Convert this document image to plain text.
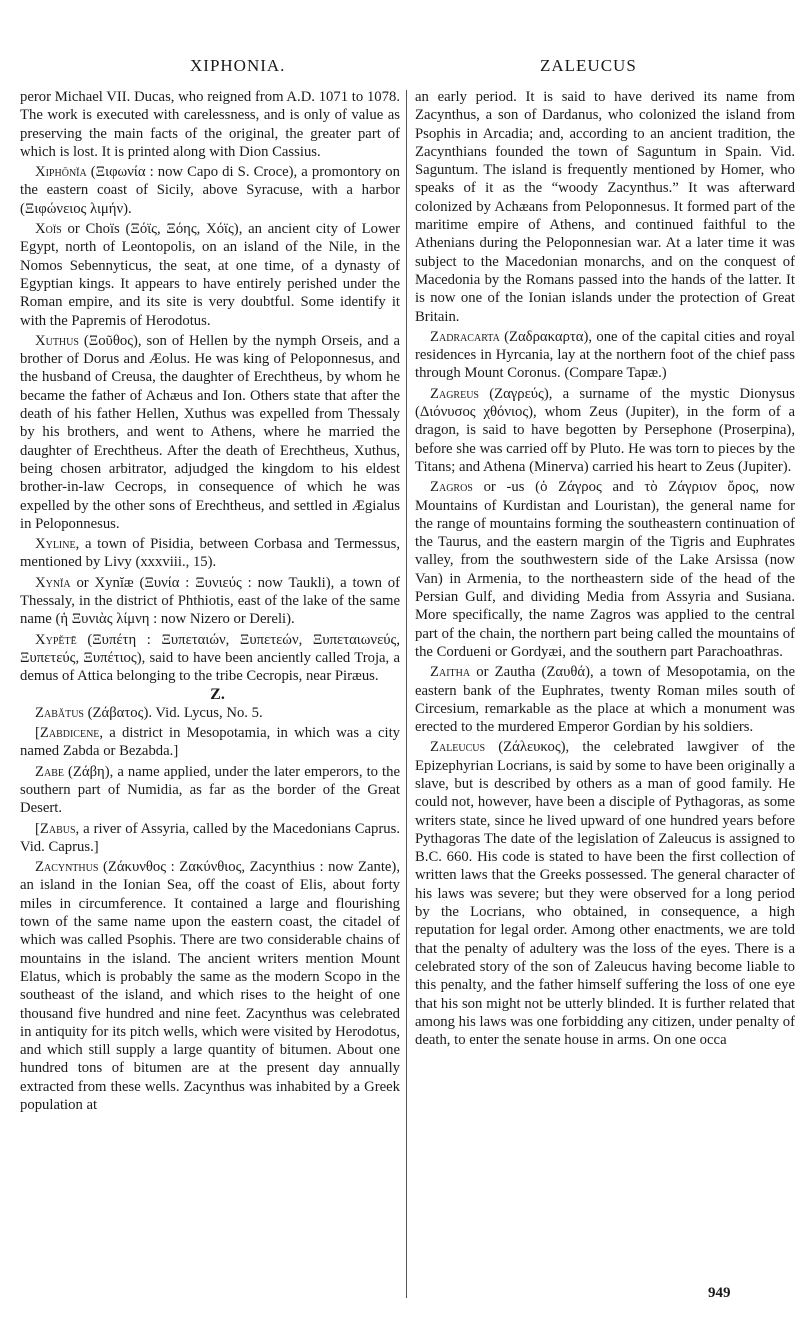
XIPHONIA.	ZALEUCUS

peror Michael VII. Ducas, who reigned from A.D. 1071 to 1078. The work is executed with carelessness, and is only of value as preserving the main facts of the original, the greater part of which is lost. It is printed along with Dion Cassius.

Xiphōnĭa (Ξιφωνία : now Capo di S. Croce), a promontory on the eastern coast of Sicily, above Syracuse, with a harbor (Ξιφώνειος λιμήν).

Xoïs or Choïs (Ξόϊς, Ξόης, Χόϊς), an ancient city of Lower Egypt, north of Leontopolis, on an island of the Nile, in the Nomos Sebennyticus, the seat, at one time, of a dynasty of Egyptian kings. It appears to have entirely perished under the Roman empire, and its site is very doubtful. Some identify it with the Papremis of Herodotus.

Xuthus (Ξοῦθος), son of Hellen by the nymph Orseis, and a brother of Dorus and Æolus. He was king of Peloponnesus, and the husband of Creusa, the daughter of Erechtheus, by whom he became the father of Achæus and Ion. Others state that after the death of his father Hellen, Xuthus was expelled from Thessaly by his brothers, and went to Athens, where he married the daughter of Erechtheus. After the death of Erechtheus, Xuthus, being chosen arbitrator, adjudged the kingdom to his eldest brother-in-law Cecrops, in consequence of which he was expelled by the other sons of Erechtheus, and settled in Ægialus in Peloponnesus.

Xyline, a town of Pisidia, between Corbasa and Termessus, mentioned by Livy (xxxviii., 15).

Xynĭa or Xynĭæ (Ξυνία : Ξυνιεύς : now Taukli), a town of Thessaly, in the district of Phthiotis, east of the lake of the same name (ἡ Ξυνιὰς λίμνη : now Nizero or Dereli).

Xypĕtē (Ξυπέτη : Ξυπεταιών, Ξυπετεών, Ξυπεταιωνεύς, Ξυπετεύς, Ξυπέτιος), said to have been anciently called Troja, a demus of Attica belonging to the tribe Cecropis, near Piræus.

Z.

Zabătus (Ζάβατος). Vid. Lycus, No. 5.

[Zabdicene, a district in Mesopotamia, in which was a city named Zabda or Bezabda.]

Zabe (Ζάβη), a name applied, under the later emperors, to the southern part of Numidia, as far as the border of the Great Desert.

[Zabus, a river of Assyria, called by the Macedonians Caprus. Vid. Caprus.]

Zacynthus (Ζάκυνθος : Ζακύνθιος, Zacynthius : now Zante), an island in the Ionian Sea, off the coast of Elis, about forty miles in circumference. It contained a large and flourishing town of the same name upon the eastern coast, the citadel of which was called Psophis. There are two considerable chains of mountains in the island. The ancient writers mention Mount Elatus, which is probably the same as the modern Scopo in the southeast of the island, and which rises to the height of one thousand five hundred and nine feet. Zacynthus was celebrated in antiquity for its pitch wells, which were visited by Herodotus, and which still supply a large quantity of bitumen. About one hundred tons of bitumen are at the present day annually extracted from these wells. Zacynthus was inhabited by a Greek population at

an early period. It is said to have derived its name from Zacynthus, a son of Dardanus, who colonized the island from Psophis in Arcadia; and, according to an ancient tradition, the Zacynthians founded the town of Saguntum in Spain. Vid. Saguntum. The island is frequently mentioned by Homer, who speaks of it as the “woody Zacynthus.” It was afterward colonized by Achæans from Peloponnesus. It formed part of the maritime empire of Athens, and continued faithful to the Athenians during the Peloponnesian war. At a later time it was subject to the Macedonian monarchs, and on the conquest of Macedonia by the Romans passed into the hands of the latter. It is now one of the Ionian islands under the protection of Great Britain.

Zadracarta (Ζαδρακαρτα), one of the capital cities and royal residences in Hyrcania, lay at the northern foot of the chief pass through Mount Coronus. (Compare Tapæ.)

Zagreus (Ζαγρεύς), a surname of the mystic Dionysus (Διόνυσος χθόνιος), whom Zeus (Jupiter), in the form of a dragon, is said to have begotten by Persephone (Proserpina), before she was carried off by Pluto. He was torn to pieces by the Titans; and Athena (Minerva) carried his heart to Zeus (Jupiter).

Zagros or -us (ὁ Ζάγρος and τὸ Ζάγριον ὄρος, now Mountains of Kurdistan and Louristan), the general name for the range of mountains forming the southeastern continuation of the Taurus, and the eastern margin of the Tigris and Euphrates valley, from the southwestern side of the Lake Arsissa (now Van) in Armenia, to the northeastern side of the head of the Persian Gulf, and dividing Media from Assyria and Susiana. More specifically, the name Zagros was applied to the central part of the chain, the northern part being called the mountains of the Cordueni or Gordyæi, and the southern part Parachoathras.

Zaitha or Zautha (Ζαυθά), a town of Mesopotamia, on the eastern bank of the Euphrates, twenty Roman miles south of Circesium, remarkable as the place at which a monument was erected to the murdered Emperor Gordian by his soldiers.

Zaleucus (Ζάλευκος), the celebrated lawgiver of the Epizephyrian Locrians, is said by some to have been originally a slave, but is described by others as a man of good family. He could not, however, have been a disciple of Pythagoras, as some writers state, since he lived upward of one hundred years before Pythagoras The date of the legislation of Zaleucus is assigned to B.C. 660. His code is stated to have been the first collection of written laws that the Greeks possessed. The general character of his laws was severe; but they were observed for a long period by the Locrians, who obtained, in consequence, a high reputation for legal order. Among other enactments, we are told that the penalty of adultery was the loss of the eyes. There is a celebrated story of the son of Zaleucus having become liable to this penalty, and the father himself suffering the loss of one eye that his son might not be utterly blinded. It is further related that among his laws was one forbidding any citizen, under penalty of death, to enter the senate house in arms. On one occa

949
